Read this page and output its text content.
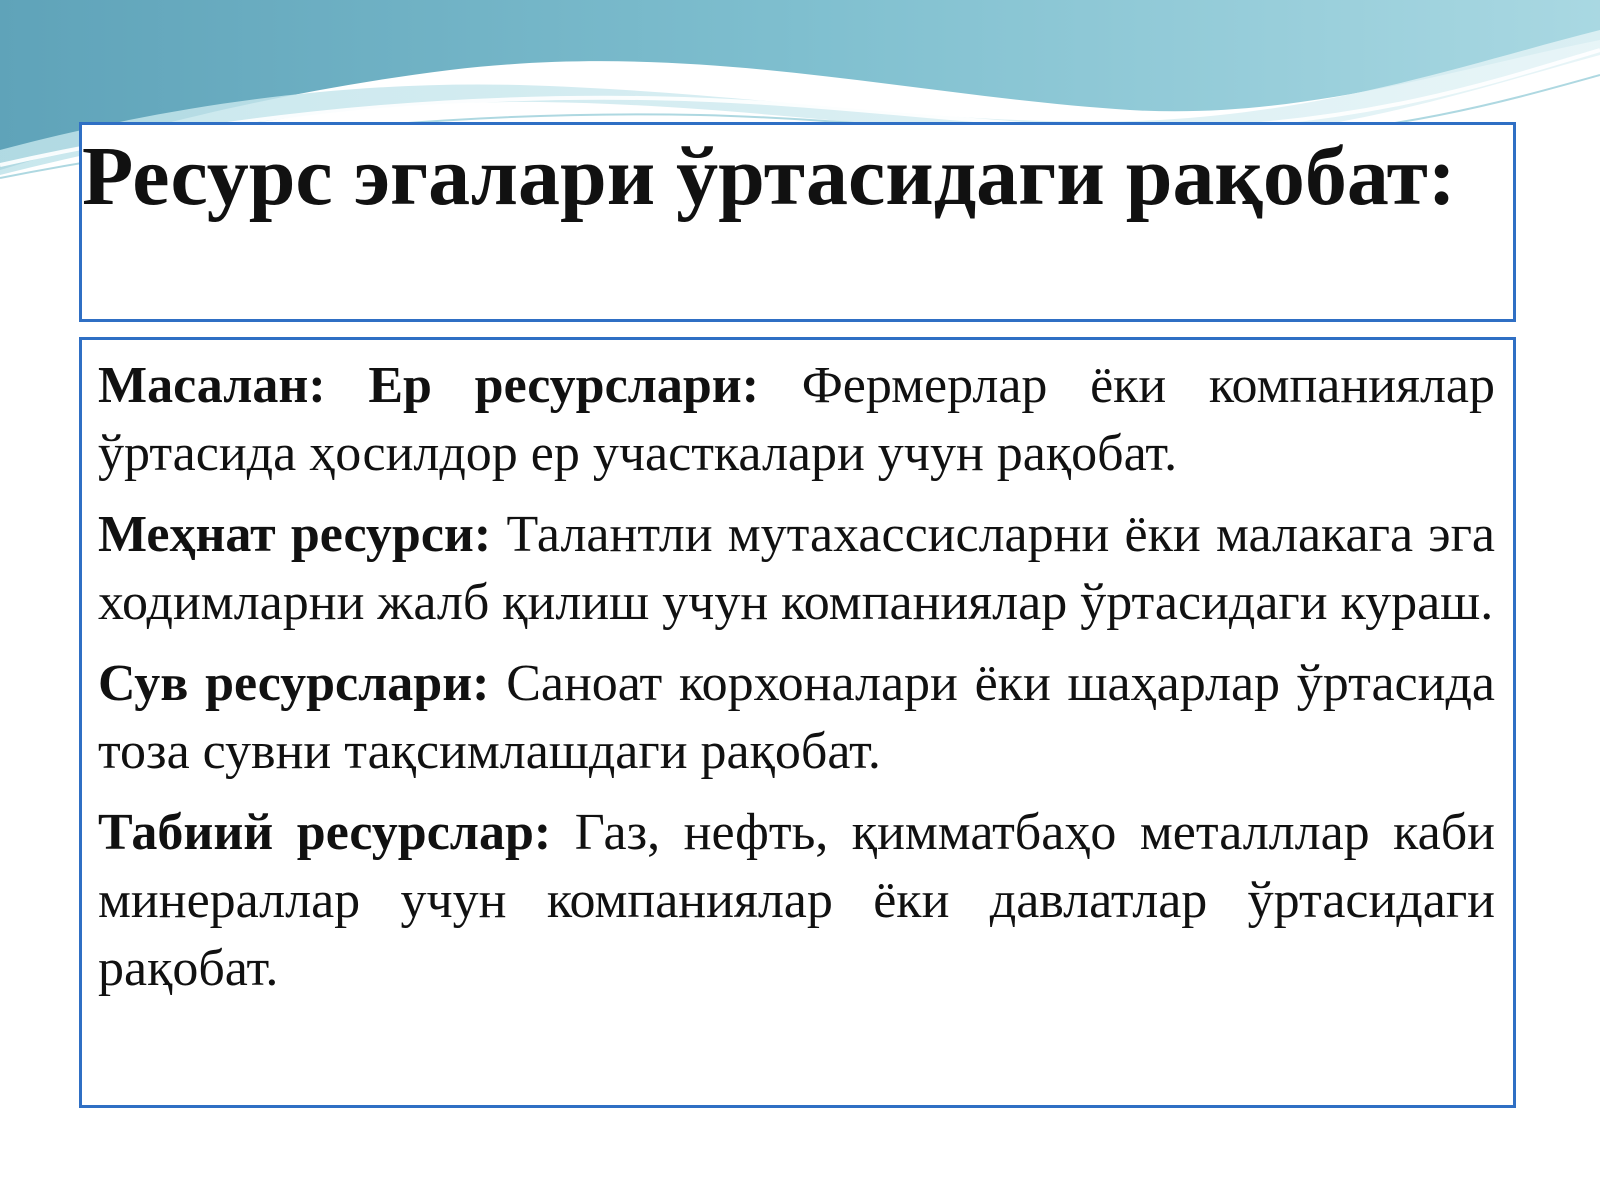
Ресурс эгалари ўртасидаги рақобат:

Масалан: Ер ресурслари: Фермерлар ёки компаниялар ўртасида ҳосилдор ер участкалари учун рақобат.

Меҳнат ресурси: Талантли мутахассисларни ёки малакага эга ходимларни жалб қилиш учун компаниялар ўртасидаги кураш.

Сув ресурслари: Саноат корхоналари ёки шаҳарлар ўртасида тоза сувни тақсимлашдаги рақобат.

Табиий ресурслар: Газ, нефть, қимматбаҳо металллар каби минераллар учун компаниялар ёки давлатлар ўртасидаги рақобат.
